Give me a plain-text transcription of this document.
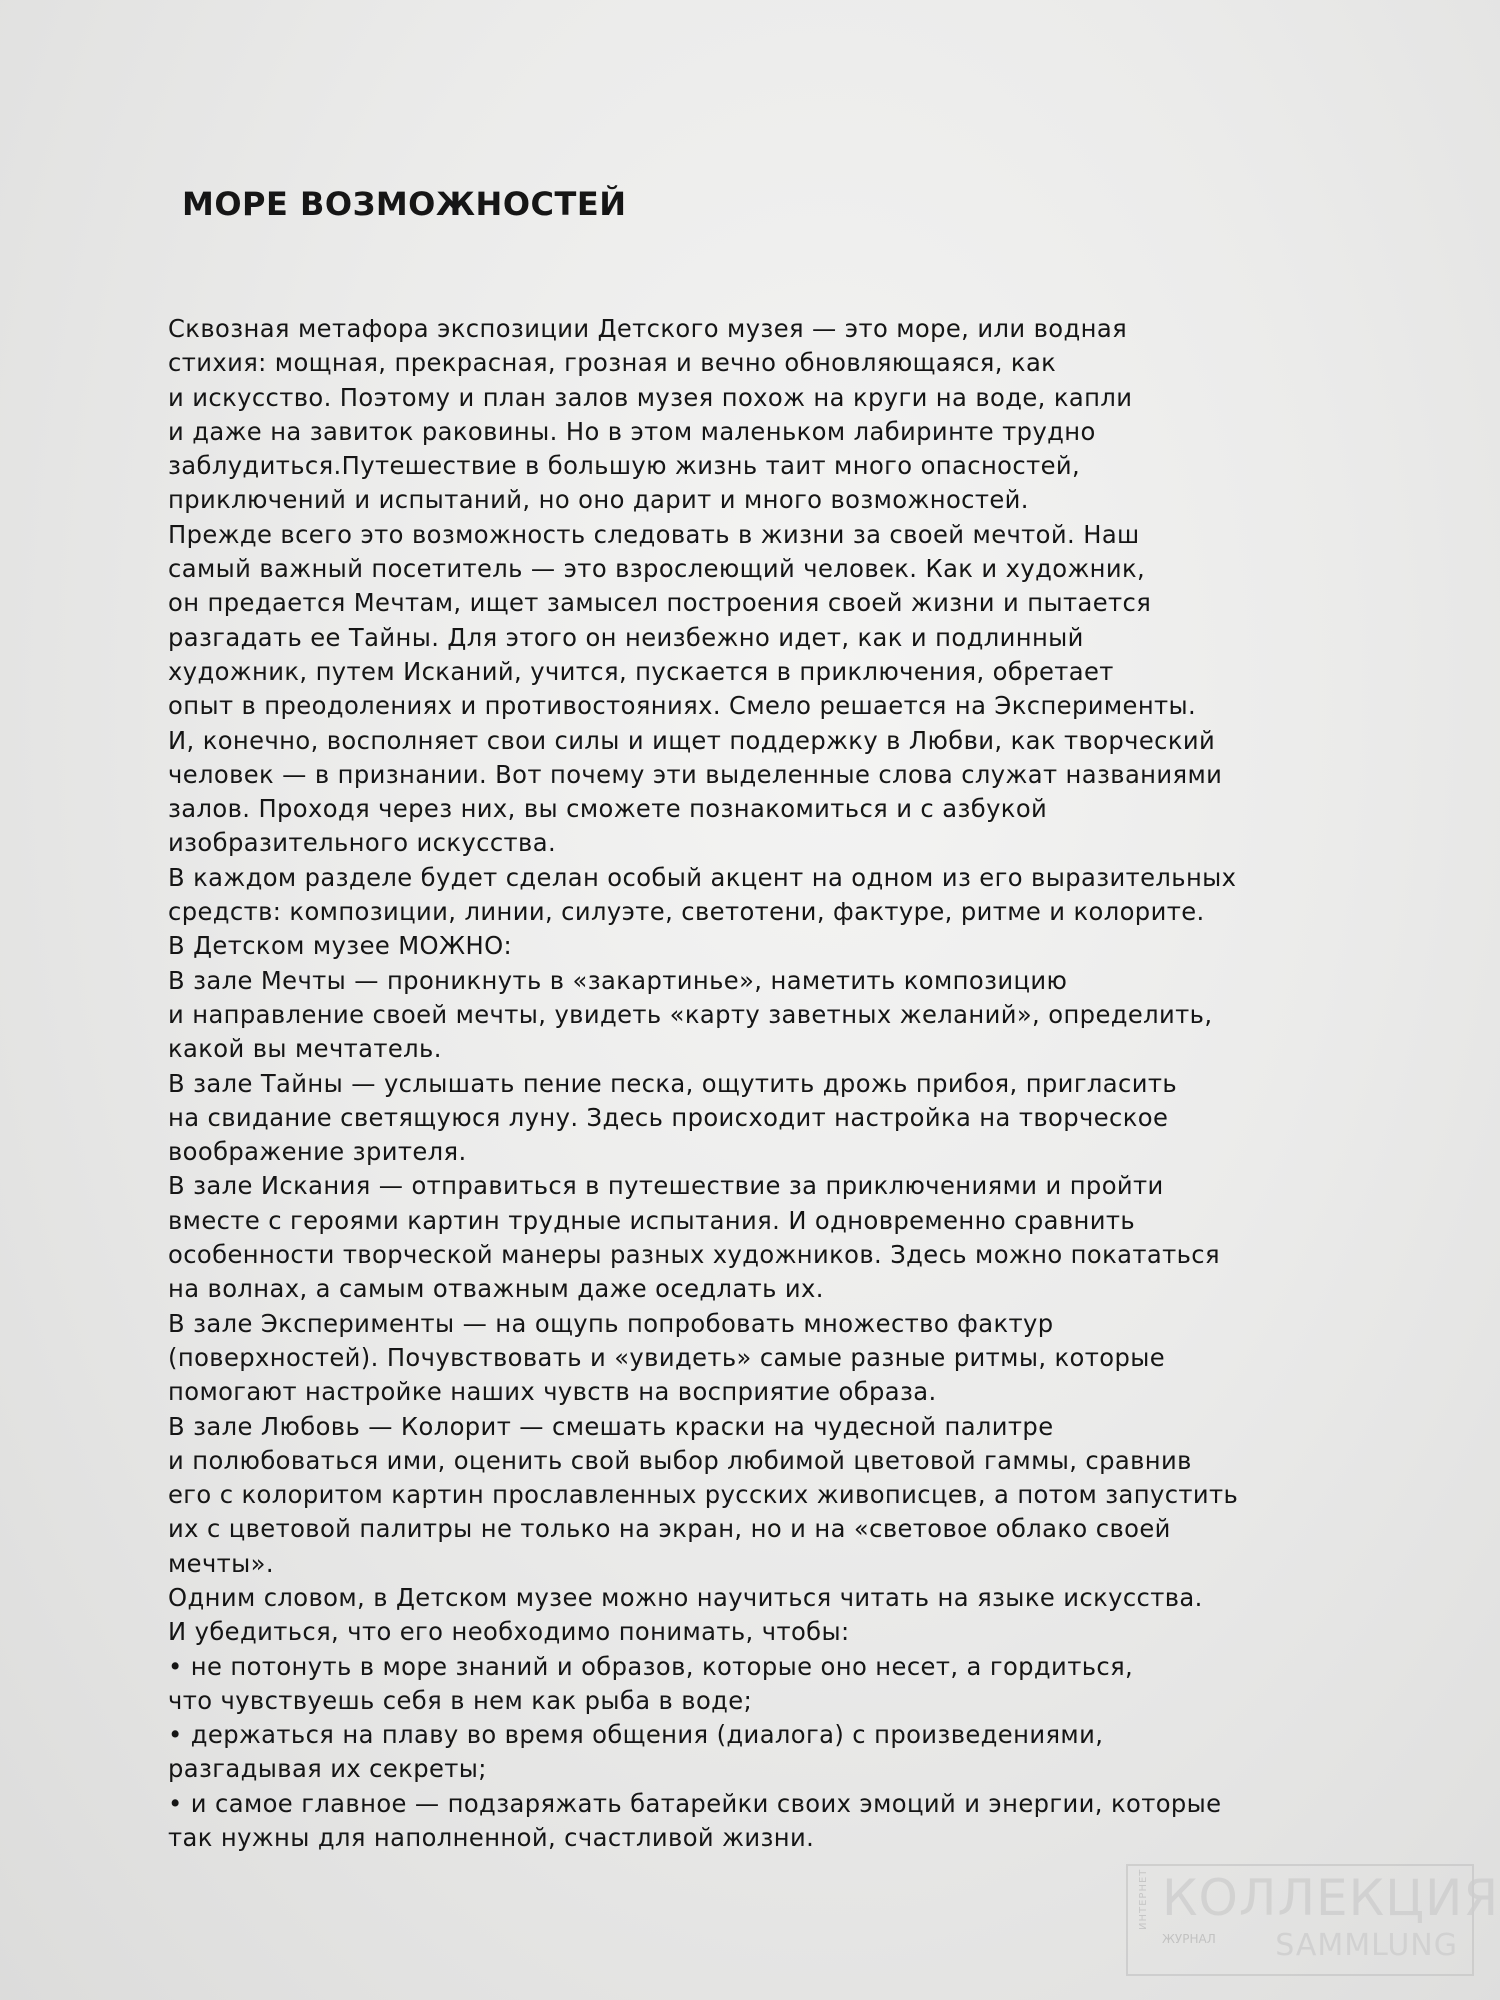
МОРЕ ВОЗМОЖНОСТЕЙ
Сквозная метафора экспозиции Детского музея — это море, или водная
стихия: мощная, прекрасная, грозная и вечно обновляющаяся, как
и искусство. Поэтому и план залов музея похож на круги на воде, капли
и даже на завиток раковины. Но в этом маленьком лабиринте трудно
заблудиться.Путешествие в большую жизнь таит много опасностей,
приключений и испытаний, но оно дарит и много возможностей.
Прежде всего это возможность следовать в жизни за своей мечтой. Наш
самый важный посетитель — это взрослеющий человек. Как и художник,
он предается Мечтам, ищет замысел построения своей жизни и пытается
разгадать ее Тайны. Для этого он неизбежно идет, как и подлинный
художник, путем Исканий, учится, пускается в приключения, обретает
опыт в преодолениях и противостояниях. Смело решается на Эксперименты.
И, конечно, восполняет свои силы и ищет поддержку в Любви, как творческий
человек — в признании. Вот почему эти выделенные слова служат названиями
залов. Проходя через них, вы сможете познакомиться и с азбукой
изобразительного искусства.
В каждом разделе будет сделан особый акцент на одном из его выразительных
средств: композиции, линии, силуэте, светотени, фактуре, ритме и колорите.
В Детском музее МОЖНО:
В зале Мечты — проникнуть в «закартинье», наметить композицию
и направление своей мечты, увидеть «карту заветных желаний», определить,
какой вы мечтатель.
В зале Тайны — услышать пение песка, ощутить дрожь прибоя, пригласить
на свидание светящуюся луну. Здесь происходит настройка на творческое
воображение зрителя.
В зале Искания — отправиться в путешествие за приключениями и пройти
вместе с героями картин трудные испытания. И одновременно сравнить
особенности творческой манеры разных художников. Здесь можно покататься
на волнах, а самым отважным даже оседлать их.
В зале Эксперименты — на ощупь попробовать множество фактур
(поверхностей). Почувствовать и «увидеть» самые разные ритмы, которые
помогают настройке наших чувств на восприятие образа.
В зале Любовь — Колорит — смешать краски на чудесной палитре
и полюбоваться ими, оценить свой выбор любимой цветовой гаммы, сравнив
его с колоритом картин прославленных русских живописцев, а потом запустить
их с цветовой палитры не только на экран, но и на «световое облако своей
мечты».
Одним словом, в Детском музее можно научиться читать на языке искусства.
И убедиться, что его необходимо понимать, чтобы:
• не потонуть в море знаний и образов, которые оно несет, а гордиться,
что чувствуешь себя в нем как рыба в воде;
• держаться на плаву во время общения (диалога) с произведениями,
разгадывая их секреты;
• и самое главное — подзаряжать батарейки своих эмоций и энергии, которые
так нужны для наполненной, счастливой жизни.
ИНТЕРНЕТ КОЛЛЕКЦИЯ
ЖУРНАЛ SAMMLUNG
